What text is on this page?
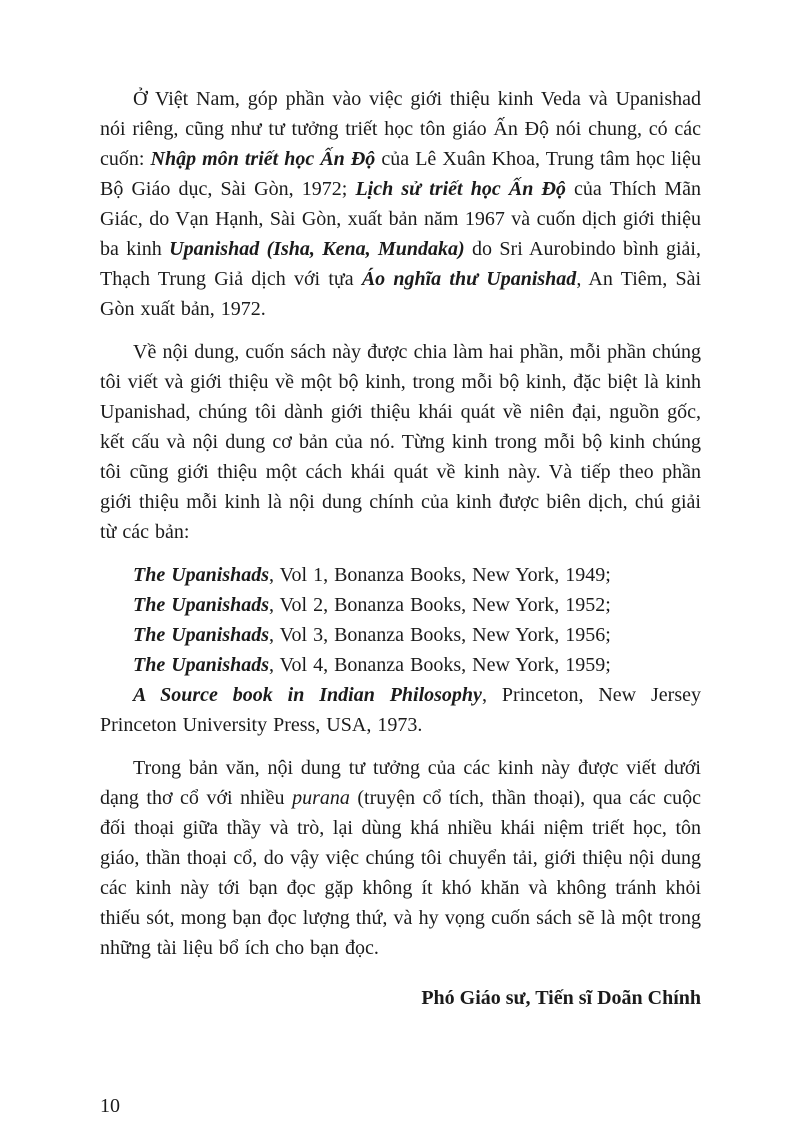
Ở Việt Nam, góp phần vào việc giới thiệu kinh Veda và Upanishad nói riêng, cũng như tư tưởng triết học tôn giáo Ấn Độ nói chung, có các cuốn: Nhập môn triết học Ấn Độ của Lê Xuân Khoa, Trung tâm học liệu Bộ Giáo dục, Sài Gòn, 1972; Lịch sử triết học Ấn Độ của Thích Mãn Giác, do Vạn Hạnh, Sài Gòn, xuất bản năm 1967 và cuốn dịch giới thiệu ba kinh Upanishad (Isha, Kena, Mundaka) do Sri Aurobindo bình giải, Thạch Trung Giả dịch với tựa Áo nghĩa thư Upanishad, An Tiêm, Sài Gòn xuất bản, 1972.

Về nội dung, cuốn sách này được chia làm hai phần, mỗi phần chúng tôi viết và giới thiệu về một bộ kinh, trong mỗi bộ kinh, đặc biệt là kinh Upanishad, chúng tôi dành giới thiệu khái quát về niên đại, nguồn gốc, kết cấu và nội dung cơ bản của nó. Từng kinh trong mỗi bộ kinh chúng tôi cũng giới thiệu một cách khái quát về kinh này. Và tiếp theo phần giới thiệu mỗi kinh là nội dung chính của kinh được biên dịch, chú giải từ các bản:

The Upanishads, Vol 1, Bonanza Books, New York, 1949;

The Upanishads, Vol 2, Bonanza Books, New York, 1952;

The Upanishads, Vol 3, Bonanza Books, New York, 1956;

The Upanishads, Vol 4, Bonanza Books, New York, 1959;

A Source book in Indian Philosophy, Princeton, New Jersey Princeton University Press, USA, 1973.

Trong bản văn, nội dung tư tưởng của các kinh này được viết dưới dạng thơ cổ với nhiều purana (truyện cổ tích, thần thoại), qua các cuộc đối thoại giữa thầy và trò, lại dùng khá nhiều khái niệm triết học, tôn giáo, thần thoại cổ, do vậy việc chúng tôi chuyển tải, giới thiệu nội dung các kinh này tới bạn đọc gặp không ít khó khăn và không tránh khỏi thiếu sót, mong bạn đọc lượng thứ, và hy vọng cuốn sách sẽ là một trong những tài liệu bổ ích cho bạn đọc.

Phó Giáo sư, Tiến sĩ Doãn Chính

10
